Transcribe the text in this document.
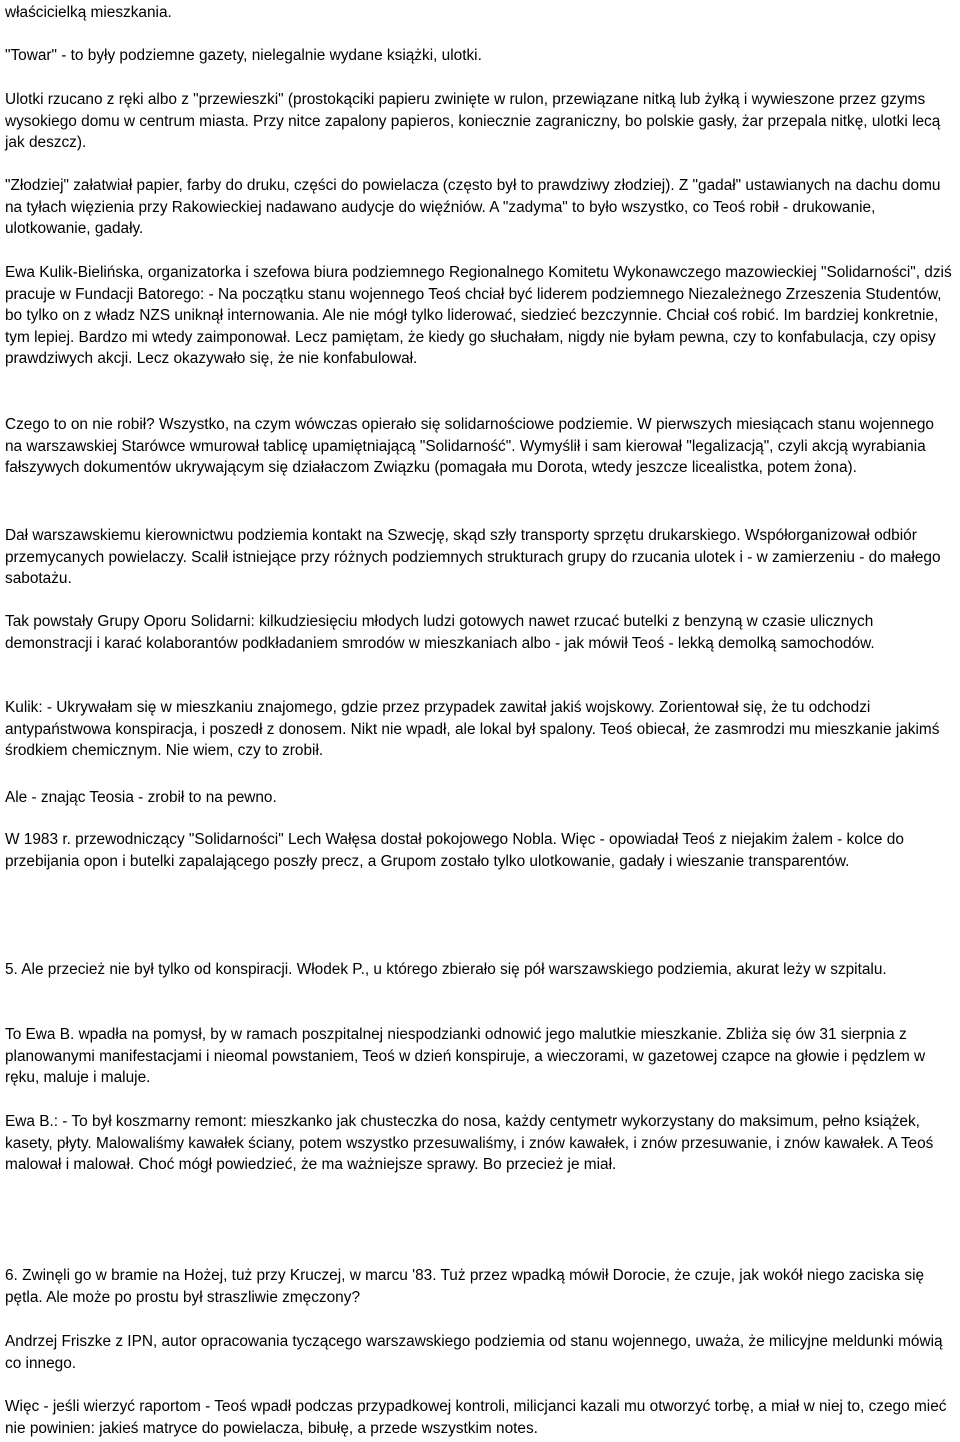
właścicielką mieszkania.

"Towar" - to były podziemne gazety, nielegalnie wydane książki, ulotki.

Ulotki rzucano z ręki albo z "przewieszki" (prostokąciki papieru zwinięte w rulon, przewiązane nitką lub żyłką i wywieszone przez gzyms wysokiego domu w centrum miasta. Przy nitce zapalony papieros, koniecznie zagraniczny, bo polskie gasły, żar przepala nitkę, ulotki lecą jak deszcz).

"Złodziej" załatwiał papier, farby do druku, części do powielacza (często był to prawdziwy złodziej). Z "gadał" ustawianych na dachu domu na tyłach więzienia przy Rakowieckiej nadawano audycje do więźniów. A "zadyma" to było wszystko, co Teoś robił - drukowanie, ulotkowanie, gadały.

Ewa Kulik-Bielińska, organizatorka i szefowa biura podziemnego Regionalnego Komitetu Wykonawczego mazowieckiej "Solidarności", dziś pracuje w Fundacji Batorego: - Na początku stanu wojennego Teoś chciał być liderem podziemnego Niezależnego Zrzeszenia Studentów, bo tylko on z władz NZS uniknął internowania. Ale nie mógł tylko liderować, siedzieć bezczynnie. Chciał coś robić. Im bardziej konkretnie, tym lepiej. Bardzo mi wtedy zaimponował. Lecz pamiętam, że kiedy go słuchałam, nigdy nie byłam pewna, czy to konfabulacja, czy opisy prawdziwych akcji. Lecz okazywało się, że nie konfabulował.

Czego to on nie robił? Wszystko, na czym wówczas opierało się solidarnościowe podziemie. W pierwszych miesiącach stanu wojennego na warszawskiej Starówce wmurował tablicę upamiętniającą "Solidarność". Wymyślił i sam kierował "legalizacją", czyli akcją wyrabiania fałszywych dokumentów ukrywającym się działaczom Związku (pomagała mu Dorota, wtedy jeszcze licealistka, potem żona).

Dał warszawskiemu kierownictwu podziemia kontakt na Szwecję, skąd szły transporty sprzętu drukarskiego. Współorganizował odbiór przemycanych powielaczy. Scalił istniejące przy różnych podziemnych strukturach grupy do rzucania ulotek i - w zamierzeniu - do małego sabotażu.

Tak powstały Grupy Oporu Solidarni: kilkudziesięciu młodych ludzi gotowych nawet rzucać butelki z benzyną w czasie ulicznych demonstracji i karać kolaborantów podkładaniem smrodów w mieszkaniach albo - jak mówił Teoś - lekką demolką samochodów.

Kulik: - Ukrywałam się w mieszkaniu znajomego, gdzie przez przypadek zawitał jakiś wojskowy. Zorientował się, że tu odchodzi antypaństwowa konspiracja, i poszedł z donosem. Nikt nie wpadł, ale lokal był spalony. Teoś obiecał, że zasmrodzi mu mieszkanie jakimś środkiem chemicznym. Nie wiem, czy to zrobił.

Ale - znając Teosia - zrobił to na pewno.

W 1983 r. przewodniczący "Solidarności" Lech Wałęsa dostał pokojowego Nobla. Więc - opowiadał Teoś z niejakim żalem - kolce do przebijania opon i butelki zapalającego poszły precz, a Grupom zostało tylko ulotkowanie, gadały i wieszanie transparentów.

5. Ale przecież nie był tylko od konspiracji. Włodek P., u którego zbierało się pół warszawskiego podziemia, akurat leży w szpitalu.

To Ewa B. wpadła na pomysł, by w ramach poszpitalnej niespodzianki odnowić jego malutkie mieszkanie. Zbliża się ów 31 sierpnia z planowanymi manifestacjami i nieomal powstaniem, Teoś w dzień konspiruje, a wieczorami, w gazetowej czapce na głowie i pędzlem w ręku, maluje i maluje.

Ewa B.: - To był koszmarny remont: mieszkanko jak chusteczka do nosa, każdy centymetr wykorzystany do maksimum, pełno książek, kasety, płyty. Malowaliśmy kawałek ściany, potem wszystko przesuwaliśmy, i znów kawałek, i znów przesuwanie, i znów kawałek. A Teoś malował i malował. Choć mógł powiedzieć, że ma ważniejsze sprawy. Bo przecież je miał.

6. Zwinęli go w bramie na Hożej, tuż przy Kruczej, w marcu '83. Tuż przez wpadką mówił Dorocie, że czuje, jak wokół niego zaciska się pętla. Ale może po prostu był straszliwie zmęczony?

Andrzej Friszke z IPN, autor opracowania tyczącego warszawskiego podziemia od stanu wojennego, uważa, że milicyjne meldunki mówią co innego.

Więc - jeśli wierzyć raportom - Teoś wpadł podczas przypadkowej kontroli, milicjanci kazali mu otworzyć torbę, a miał w niej to, czego mieć nie powinien: jakieś matryce do powielacza, bibułę, a przede wszystkim notes.
